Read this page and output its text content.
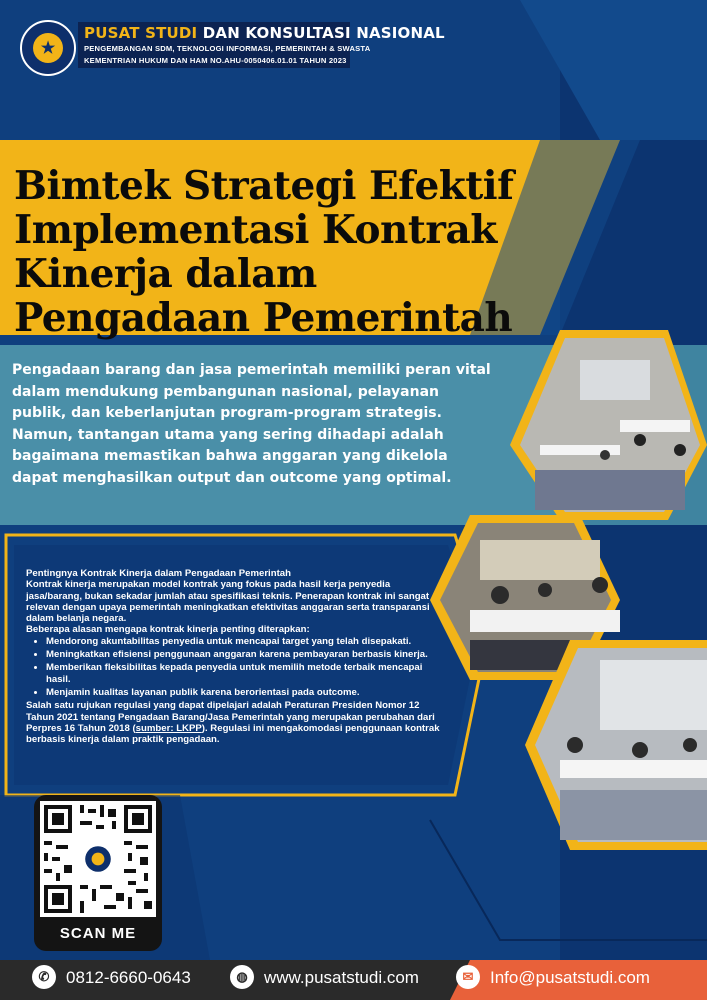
★
PUSAT STUDI DAN KONSULTASI NASIONAL
PENGEMBANGAN SDM, TEKNOLOGI INFORMASI, PEMERINTAH & SWASTA
KEMENTRIAN HUKUM DAN HAM NO.AHU-0050406.01.01 TAHUN 2023
Bimtek Strategi Efektif
Implementasi Kontrak
Kinerja dalam
Pengadaan Pemerintah
Pengadaan barang dan jasa pemerintah memiliki peran vital dalam mendukung pembangunan nasional, pelayanan publik, dan keberlanjutan program-program strategis. Namun, tantangan utama yang sering dihadapi adalah bagaimana memastikan bahwa anggaran yang dikelola dapat menghasilkan output dan outcome yang optimal.

Pentingnya Kontrak Kinerja dalam Pengadaan Pemerintah

Kontrak kinerja merupakan model kontrak yang fokus pada hasil kerja penyedia jasa/barang, bukan sekadar jumlah atau spesifikasi teknis. Penerapan kontrak ini sangat relevan dengan upaya pemerintah meningkatkan efektivitas anggaran serta transparansi dalam belanja negara.

Beberapa alasan mengapa kontrak kinerja penting diterapkan:

• Mendorong akuntabilitas penyedia untuk mencapai target yang telah disepakati.
• Meningkatkan efisiensi penggunaan anggaran karena pembayaran berbasis kinerja.
• Memberikan fleksibilitas kepada penyedia untuk memilih metode terbaik mencapai hasil.
• Menjamin kualitas layanan publik karena berorientasi pada outcome.

Salah satu rujukan regulasi yang dapat dipelajari adalah Peraturan Presiden Nomor 12 Tahun 2021 tentang Pengadaan Barang/Jasa Pemerintah yang merupakan perubahan dari Perpres 16 Tahun 2018 (sumber: LKPP). Regulasi ini mengakomodasi penggunaan kontrak berbasis kinerja dalam praktik pengadaan.

SCAN ME
✆ 0812-6660-0643	◍ www.pusatstudi.com	✉ Info@pusatstudi.com
